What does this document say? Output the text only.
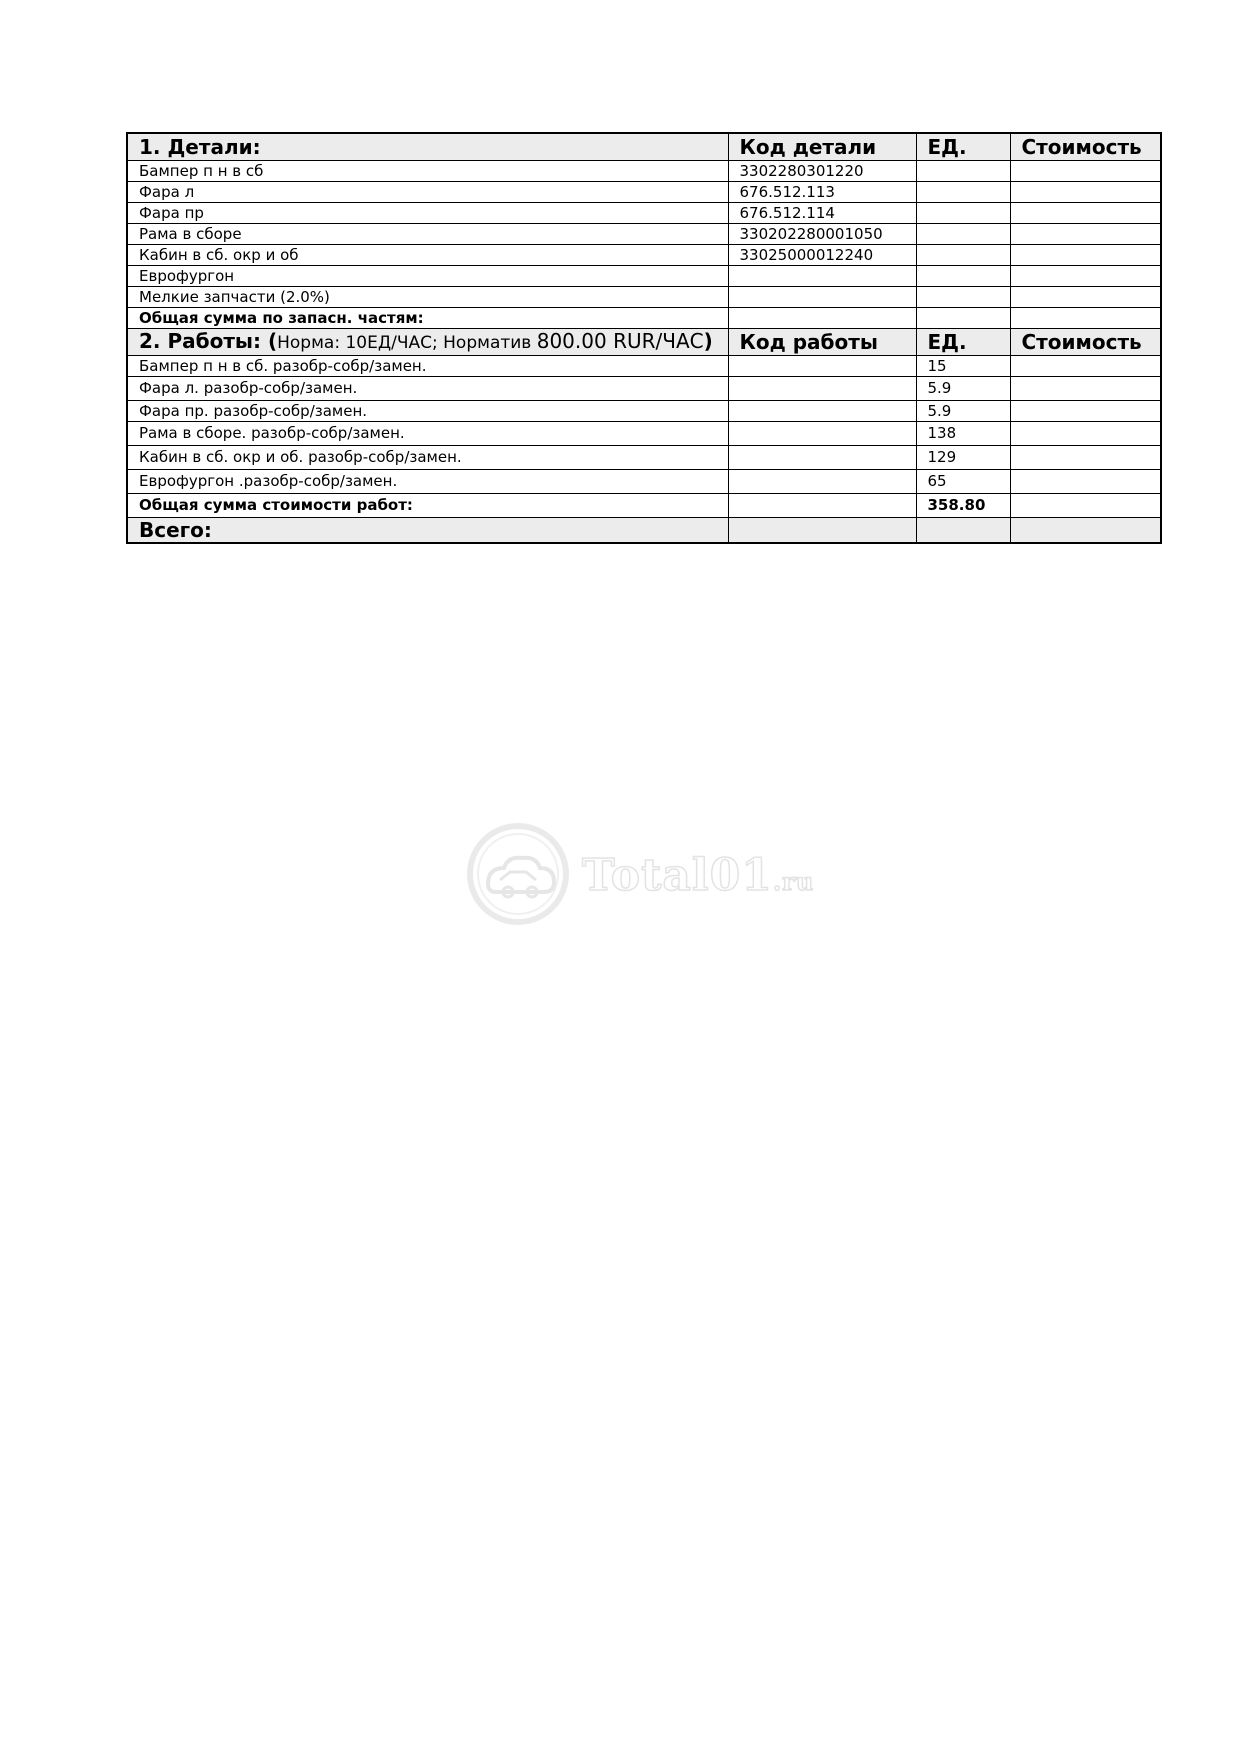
1. Детали:	Код детали	ЕД.	Стоимость
Бампер п н в сб	3302280301220		
Фара л	676.512.113		
Фара пр	676.512.114		
Рама в сборе	330202280001050		
Кабин в сб. окр и об	33025000012240		
Еврофургон			
Мелкие запчасти (2.0%)			
Общая сумма по запасн. частям:			
2. Работы: (Норма: 10ЕД/ЧАС; Норматив 800.00 RUR/ЧАС)	Код работы	ЕД.	Стоимость
Бампер п н в сб. разобр-собр/замен.		15	
Фара л. разобр-собр/замен.		5.9	
Фара пр. разобр-собр/замен.		5.9	
Рама в сборе. разобр-собр/замен.		138	
Кабин в сб. окр и об. разобр-собр/замен.		129	
Еврофургон .разобр-собр/замен.		65	
Общая сумма стоимости работ:		358.80	
Всего:			
Total01.ru
